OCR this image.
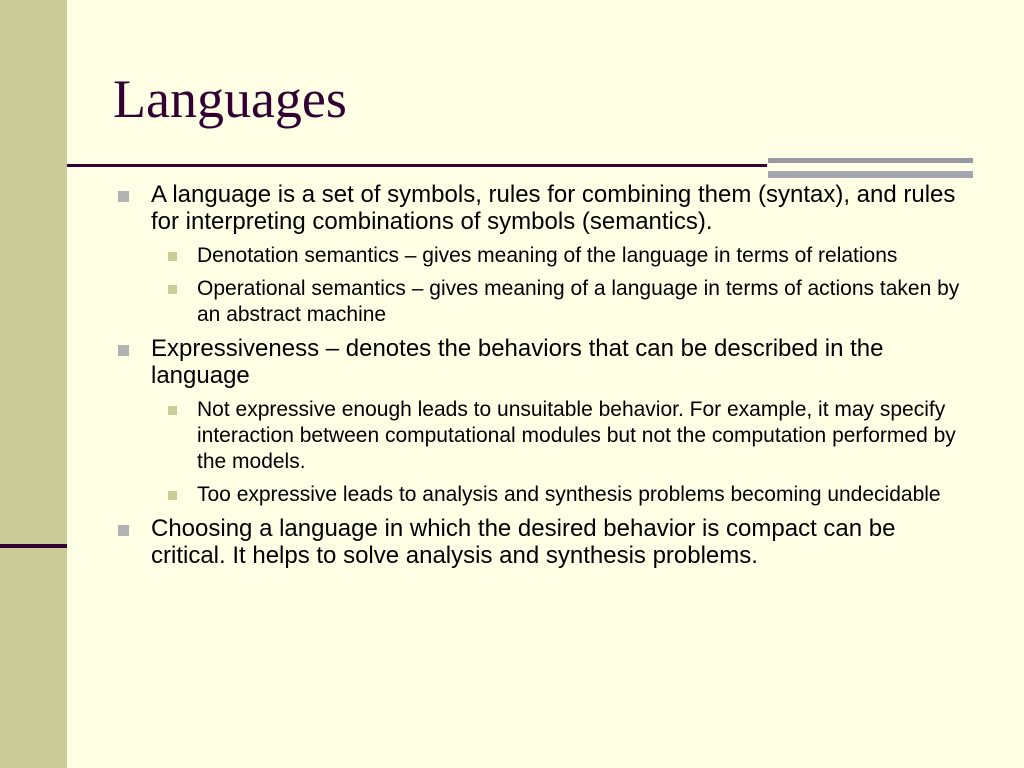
Languages
A language is a set of symbols, rules for combining them (syntax), and rules for interpreting combinations of symbols (semantics).
Denotation semantics – gives meaning of the language in terms of relations
Operational semantics – gives meaning of a language in terms of actions taken by an abstract machine
Expressiveness – denotes the behaviors that can be described in the language
Not expressive enough leads to unsuitable behavior. For example, it may specify interaction between computational modules but not the computation performed by the models.
Too expressive leads to analysis and synthesis problems becoming undecidable
Choosing a language in which the desired behavior is compact can be critical. It helps to solve analysis and synthesis problems.
